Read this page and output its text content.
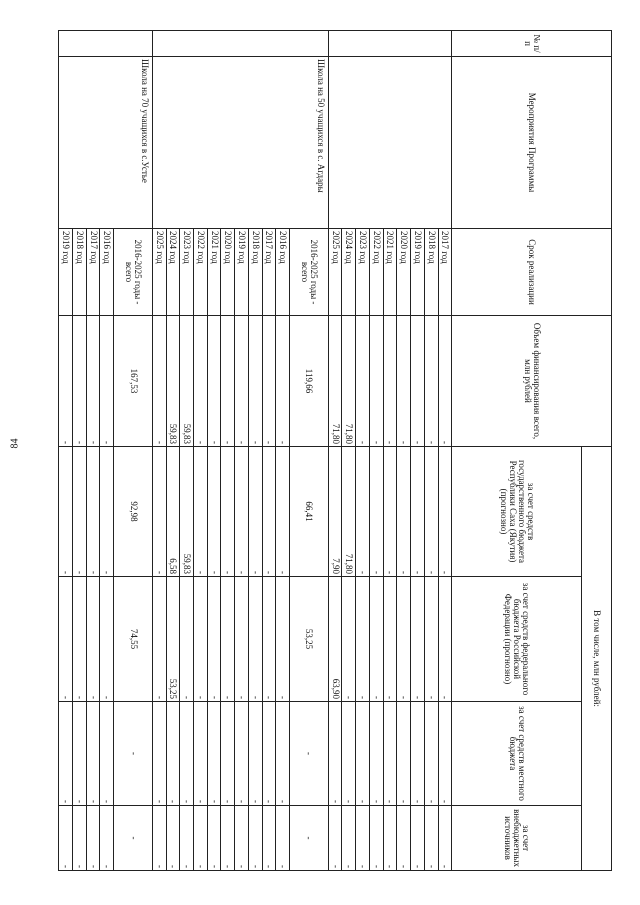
84
№ п/п	Мероприятия Программы	Срок реализации	Объем финансирования всего, млн рублей	В том числе, млн рублей:			
				за счет средств государственного бюджета Республики Саха (Якутия) (прогнозно)	за счет средств федерального бюджета Российской Федерации (прогнозно)	за счет средств местного бюджета	за счет внебюджетных источников
		2017 год	-	-	-	-	-
		2018 год	-	-	-	-	-
		2019 год	-	-	-	-	-
		2020 год	-	-	-	-	-
		2021 год	-	-	-	-	-
		2022 год	-	-	-	-	-
		2023 год	-	-	-	-	-
		2024 год	71,80	71,80	-	-	-
		2025 год	71,80	7,90	63,90	-	-
	Школа на 50 учащихся в с. Агдары	2016-2025 годы - всего	119,66	66,41	53,25	-	-
		2016 год	-	-	-	-	-
		2017 год	-	-	-	-	-
		2018 год	-	-	-	-	-
		2019 год	-	-	-	-	-
		2020 год	-	-	-	-	-
		2021 год	-	-	-	-	-
		2022 год	-	-	-	-	-
		2023 год	59,83	59,83	-	-	-
		2024 год	59,83	6,58	53,25	-	-
		2025 год	-	-	-	-	-
	Школа на 70 учащихся в с.Устье	2016-2025 годы - всего	167,53	92,98	74,55	-	-
		2016 год	-	-	-	-	-
		2017 год	-	-	-	-	-
		2018 год	-	-	-	-	-
		2019 год	-	-	-	-	-
